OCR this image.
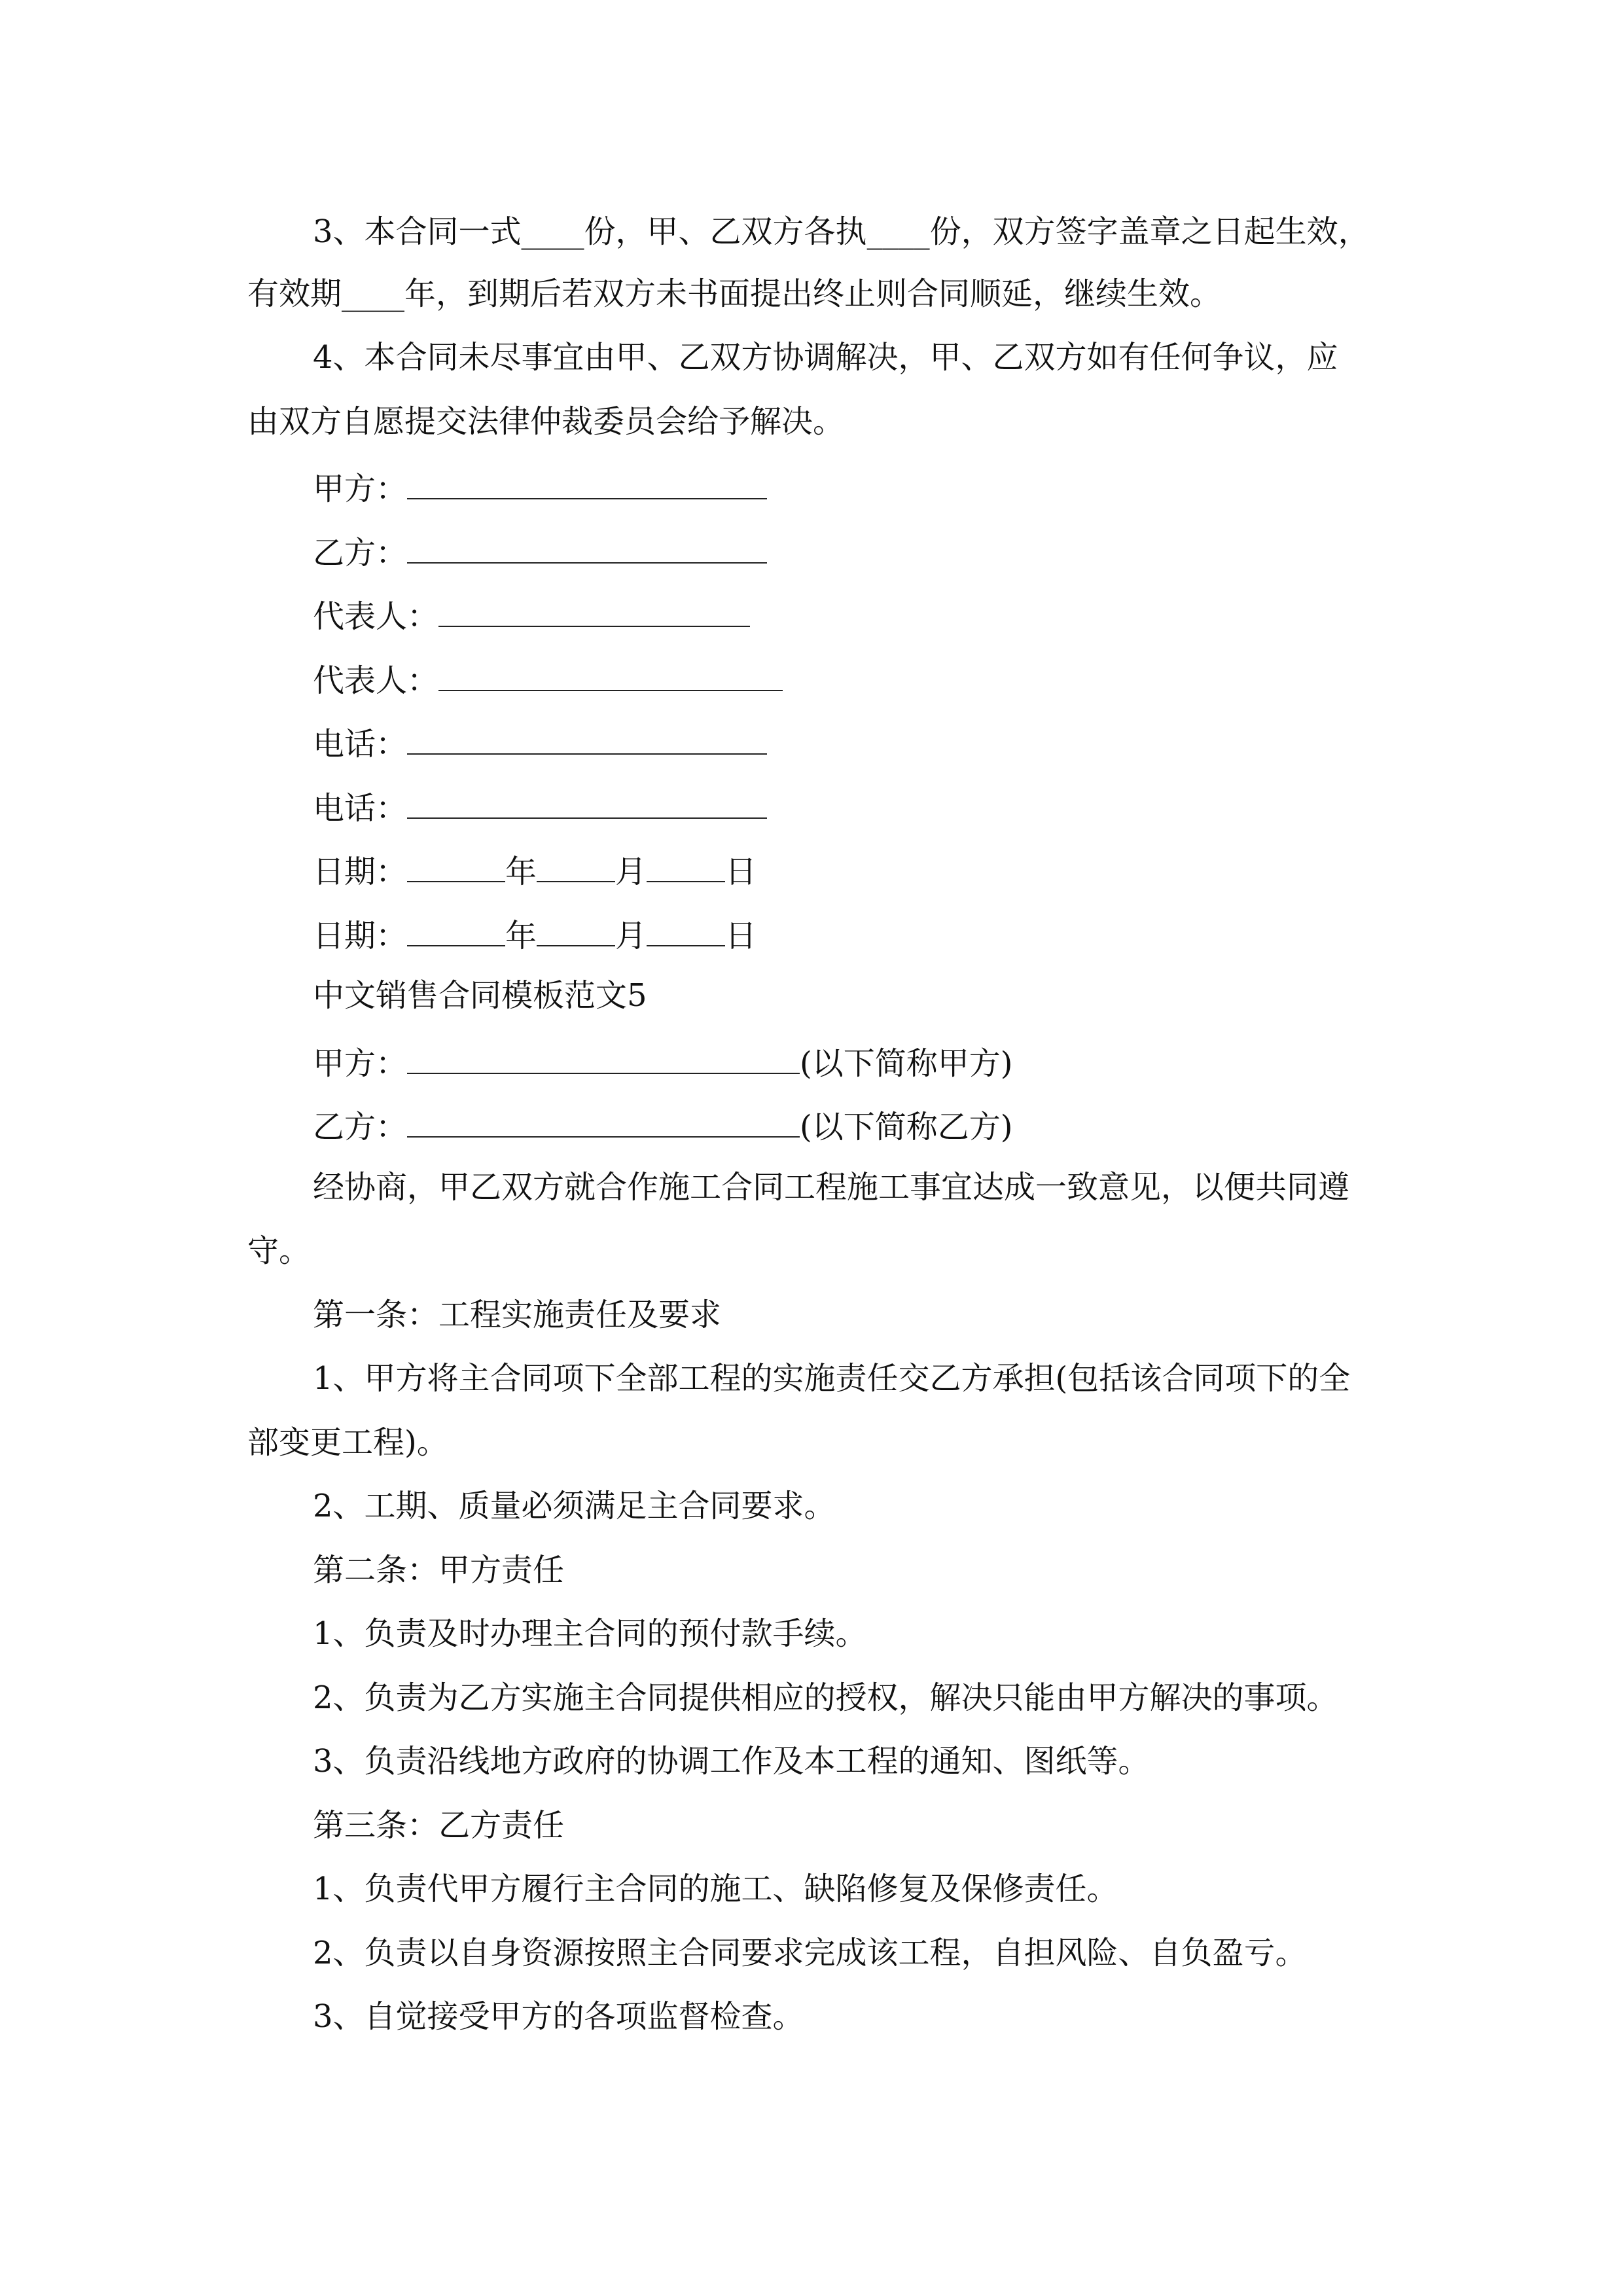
3、本合同一式____份，甲、乙双方各执____份，双方签字盖章之日起生效，
有效期____年，到期后若双方未书面提出终止则合同顺延，继续生效。
4、本合同未尽事宜由甲、乙双方协调解决，甲、乙双方如有任何争议，应
由双方自愿提交法律仲裁委员会给予解决。
甲方：
乙方：
代表人：
代表人：
电话：
电话：
日期：	年	月	日
日期：	年	月	日
中文销售合同模板范文5
甲方：	(以下简称甲方)
乙方：	(以下简称乙方)
经协商，甲乙双方就合作施工合同工程施工事宜达成一致意见，以便共同遵
守。
第一条：工程实施责任及要求
1、甲方将主合同项下全部工程的实施责任交乙方承担(包括该合同项下的全
部变更工程)。
2、工期、质量必须满足主合同要求。
第二条：甲方责任
1、负责及时办理主合同的预付款手续。
2、负责为乙方实施主合同提供相应的授权，解决只能由甲方解决的事项。
3、负责沿线地方政府的协调工作及本工程的通知、图纸等。
第三条：乙方责任
1、负责代甲方履行主合同的施工、缺陷修复及保修责任。
2、负责以自身资源按照主合同要求完成该工程，自担风险、自负盈亏。
3、自觉接受甲方的各项监督检查。
